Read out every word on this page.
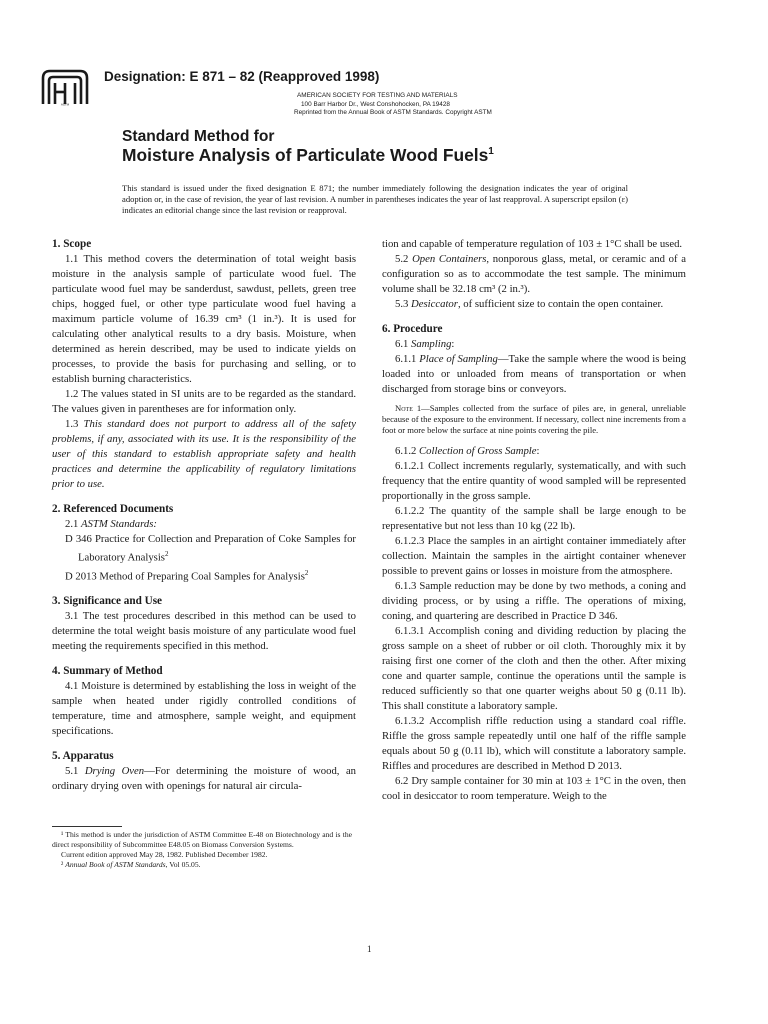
ASTM
Designation: E 871 – 82 (Reapproved 1998)
AMERICAN SOCIETY FOR TESTING AND MATERIALS
100 Barr Harbor Dr., West Conshohocken, PA 19428
Reprinted from the Annual Book of ASTM Standards. Copyright ASTM
Standard Method for
Moisture Analysis of Particulate Wood Fuels$^1$
This standard is issued under the fixed designation E 871; the number immediately following the designation indicates the year of original adoption or, in the case of revision, the year of last revision. A number in parentheses indicates the year of last reapproval. A superscript epsilon (ε) indicates an editorial change since the last revision or reapproval.
1. Scope

1.1 This method covers the determination of total weight basis moisture in the analysis sample of particulate wood fuel. The particulate wood fuel may be sanderdust, sawdust, pellets, green tree chips, hogged fuel, or other type particulate wood fuel having a maximum particle volume of 16.39 cm³ (1 in.³). It is used for calculating other analytical results to a dry basis. Moisture, when determined as herein described, may be used to indicate yields on processes, to provide the basis for purchasing and selling, or to establish burning characteristics.

1.2 The values stated in SI units are to be regarded as the standard. The values given in parentheses are for information only.

1.3 This standard does not purport to address all of the safety problems, if any, associated with its use. It is the responsibility of the user of this standard to establish appropriate safety and health practices and determine the applicability of regulatory limitations prior to use.

2. Referenced Documents

2.1 ASTM Standards:

D 346 Practice for Collection and Preparation of Coke Samples for Laboratory Analysis$^2$

D 2013 Method of Preparing Coal Samples for Analysis$^2$

3. Significance and Use

3.1 The test procedures described in this method can be used to determine the total weight basis moisture of any particulate wood fuel meeting the requirements specified in this method.

4. Summary of Method

4.1 Moisture is determined by establishing the loss in weight of the sample when heated under rigidly controlled conditions of temperature, time and atmosphere, sample weight, and equipment specifications.

5. Apparatus

5.1 Drying Oven—For determining the moisture of wood, an ordinary drying oven with openings for natural air circula-

¹ This method is under the jurisdiction of ASTM Committee E-48 on Biotechnology and is the direct responsibility of Subcommittee E48.05 on Biomass Conversion Systems.

Current edition approved May 28, 1982. Published December 1982.

² Annual Book of ASTM Standards, Vol 05.05.

tion and capable of temperature regulation of 103 ± 1°C shall be used.

5.2 Open Containers, nonporous glass, metal, or ceramic and of a configuration so as to accommodate the test sample. The minimum volume shall be 32.18 cm³ (2 in.³).

5.3 Desiccator, of sufficient size to contain the open container.

6. Procedure

6.1 Sampling:

6.1.1 Place of Sampling—Take the sample where the wood is being loaded into or unloaded from means of transportation or when discharged from storage bins or conveyors.

Note 1—Samples collected from the surface of piles are, in general, unreliable because of the exposure to the environment. If necessary, collect nine increments from a foot or more below the surface at nine points covering the pile.

6.1.2 Collection of Gross Sample:

6.1.2.1 Collect increments regularly, systematically, and with such frequency that the entire quantity of wood sampled will be represented proportionally in the gross sample.

6.1.2.2 The quantity of the sample shall be large enough to be representative but not less than 10 kg (22 lb).

6.1.2.3 Place the samples in an airtight container immediately after collection. Maintain the samples in the airtight container whenever possible to prevent gains or losses in moisture from the atmosphere.

6.1.3 Sample reduction may be done by two methods, a coning and dividing process, or by using a riffle. The operations of mixing, coning, and quartering are described in Practice D 346.

6.1.3.1 Accomplish coning and dividing reduction by placing the gross sample on a sheet of rubber or oil cloth. Thoroughly mix it by raising first one corner of the cloth and then the other. After mixing cone and quarter sample, continue the operations until the sample is reduced sufficiently so that one quarter weighs about 50 g (0.11 lb). This shall constitute a laboratory sample.

6.1.3.2 Accomplish riffle reduction using a standard coal riffle. Riffle the gross sample repeatedly until one half of the riffle sample equals about 50 g (0.11 lb), which will constitute a laboratory sample. Riffles and procedures are described in Method D 2013.

6.2 Dry sample container for 30 min at 103 ± 1°C in the oven, then cool in desiccator to room temperature. Weigh to the

1
